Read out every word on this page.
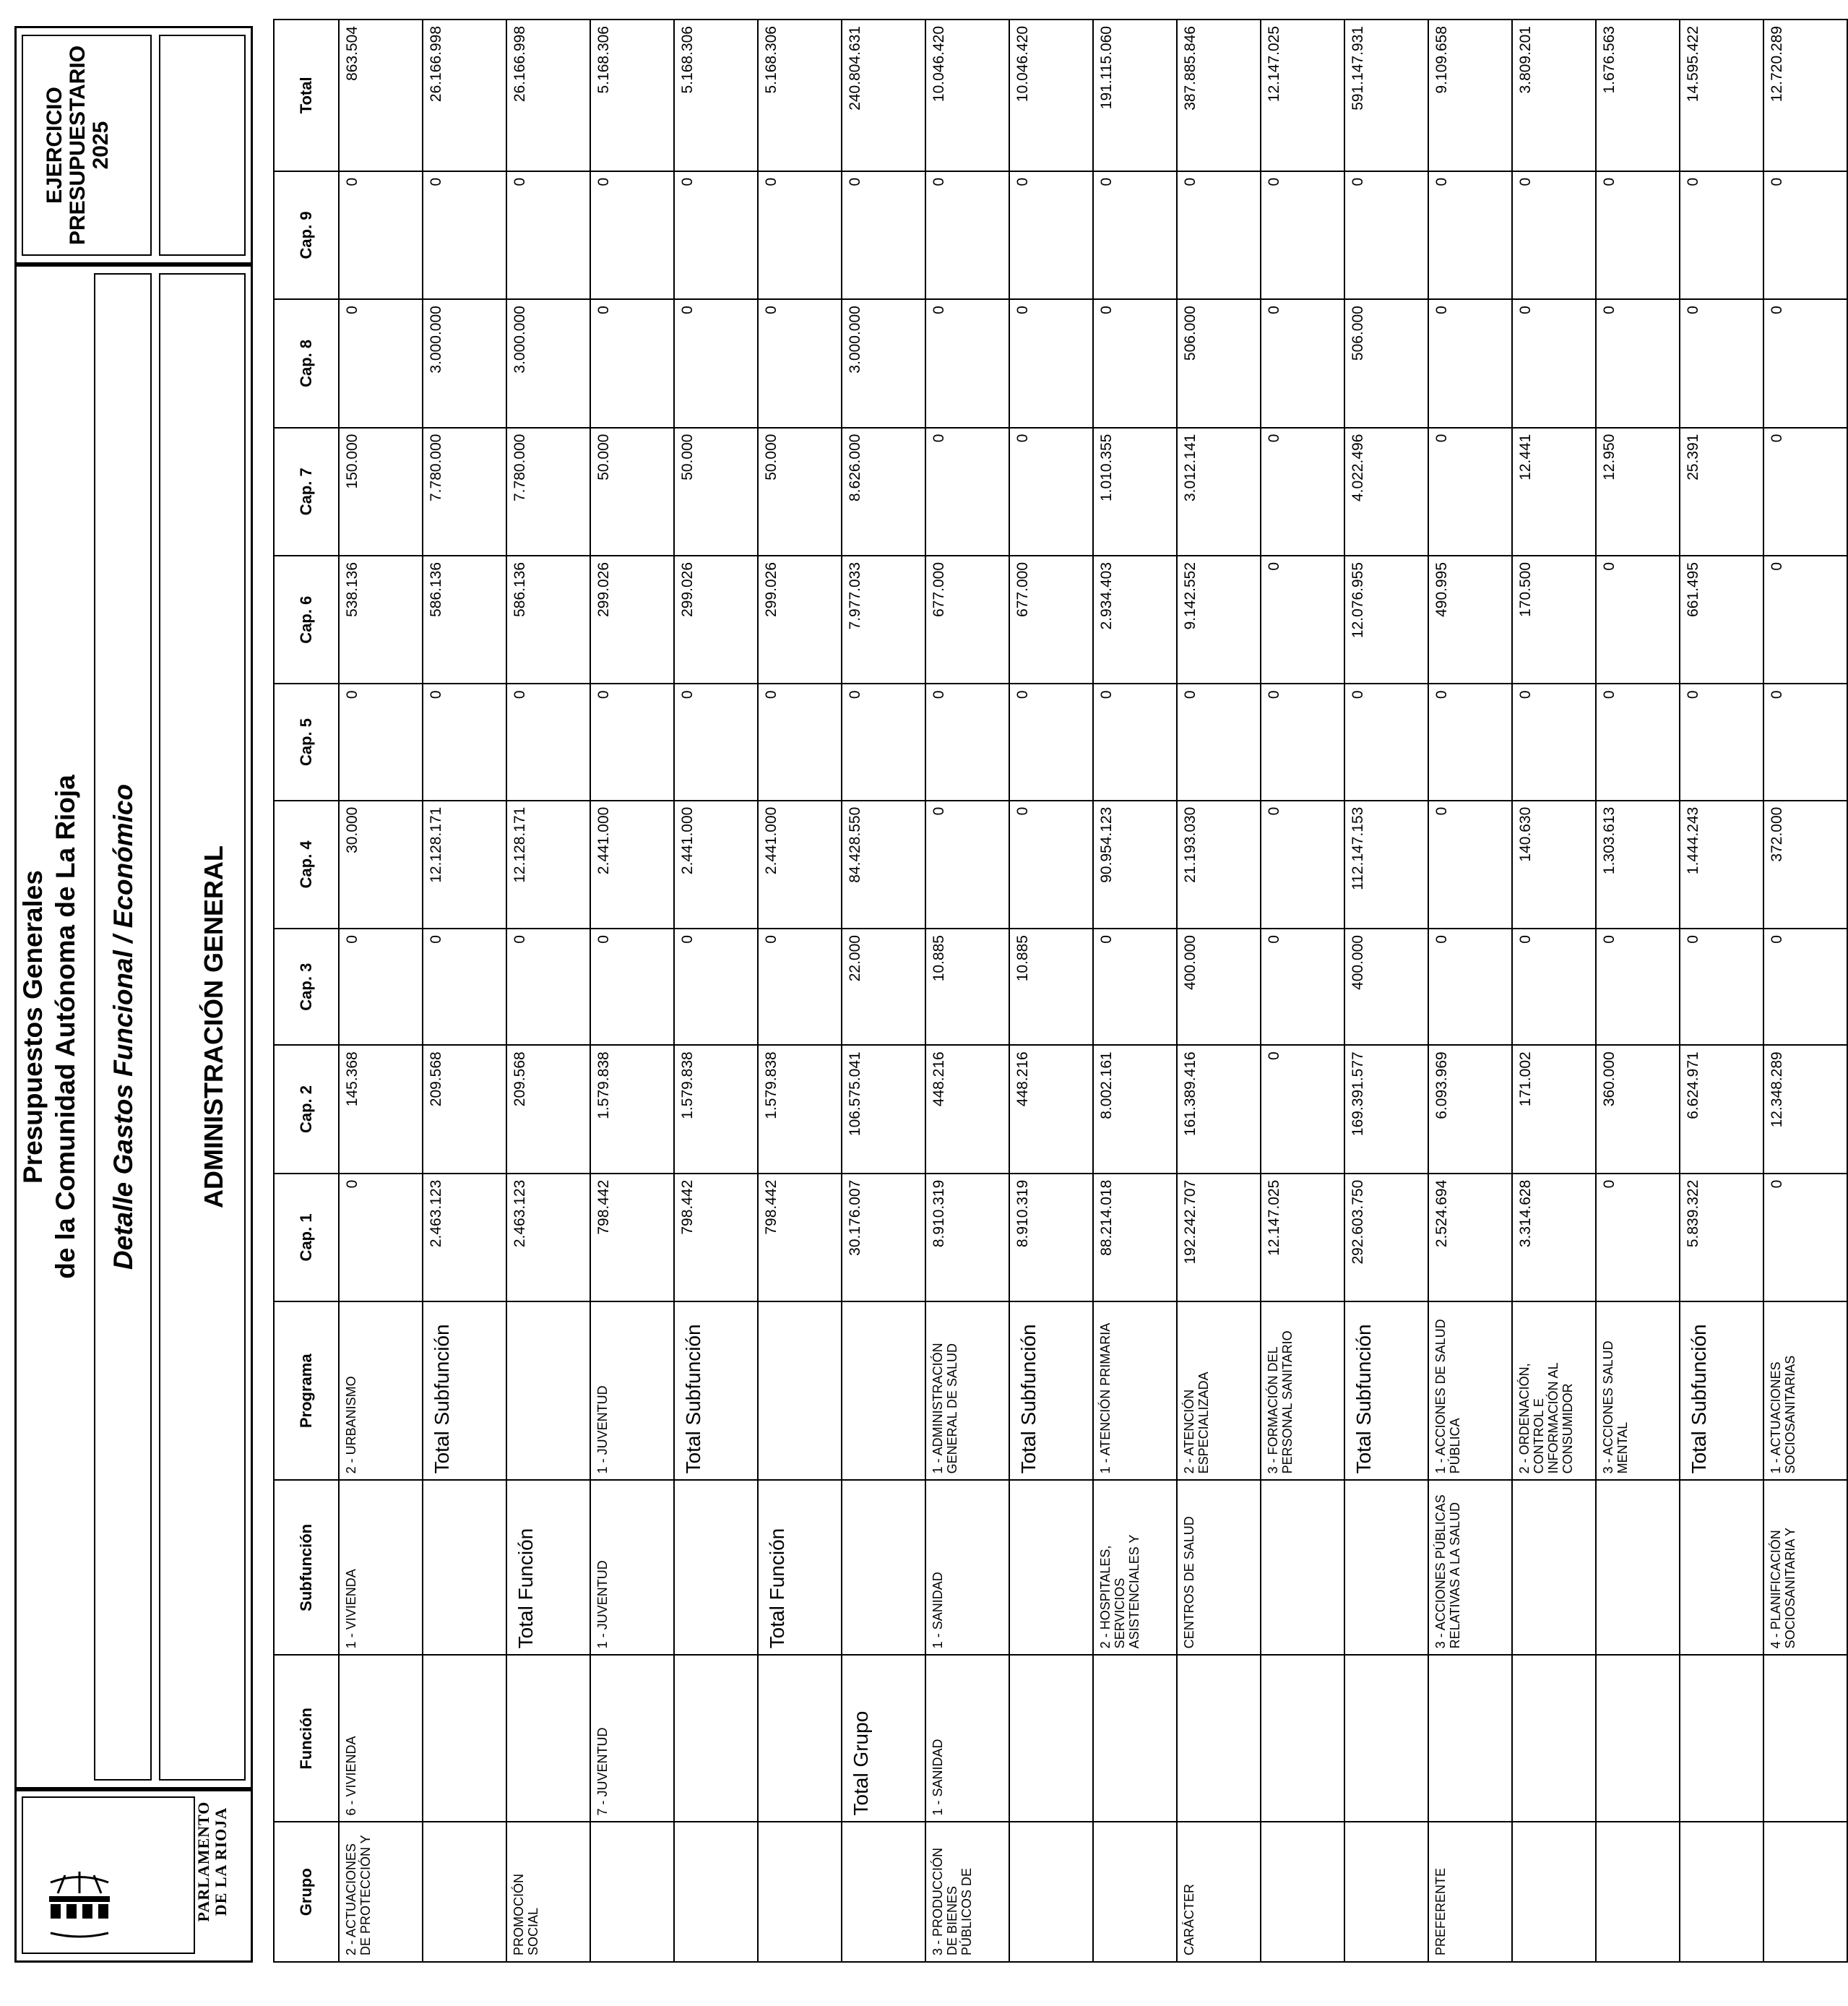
PARLAMENTO DE LA RIOJA
Presupuestos Generales de la Comunidad Autónoma de La Rioja Detalle Gastos Funcional / Económico ADMINISTRACIÓN GENERAL
EJERCICIO PRESUPUESTARIO 2025
Grupo	Función	Subfunción	Programa	Cap. 1	Cap. 2	Cap. 3	Cap. 4	Cap. 5	Cap. 6	Cap. 7	Cap. 8	Cap. 9	Total
2 - ACTUACIONES DE PROTECCIÓN Y	6 - VIVIENDA	1 - VIVIENDA	2 - URBANISMO	0	145.368	0	30.000	0	538.136	150.000	0	0	863.504
			Total Subfunción	2.463.123	209.568	0	12.128.171	0	586.136	7.780.000	3.000.000	0	26.166.998
PROMOCIÓN SOCIAL		Total Función		2.463.123	209.568	0	12.128.171	0	586.136	7.780.000	3.000.000	0	26.166.998
	7 - JUVENTUD	1 - JUVENTUD	1 - JUVENTUD	798.442	1.579.838	0	2.441.000	0	299.026	50.000	0	0	5.168.306
			Total Subfunción	798.442	1.579.838	0	2.441.000	0	299.026	50.000	0	0	5.168.306
		Total Función		798.442	1.579.838	0	2.441.000	0	299.026	50.000	0	0	5.168.306
	Total Grupo			30.176.007	106.575.041	22.000	84.428.550	0	7.977.033	8.626.000	3.000.000	0	240.804.631
3 - PRODUCCIÓN DE BIENES PÚBLICOS DE	1 - SANIDAD	1 - SANIDAD	1 - ADMINISTRACIÓN GENERAL DE SALUD	8.910.319	448.216	10.885	0	0	677.000	0	0	0	10.046.420
			Total Subfunción	8.910.319	448.216	10.885	0	0	677.000	0	0	0	10.046.420
		2 - HOSPITALES, SERVICIOS ASISTENCIALES Y	1 - ATENCIÓN PRIMARIA	88.214.018	8.002.161	0	90.954.123	0	2.934.403	1.010.355	0	0	191.115.060
CARÁCTER		CENTROS DE SALUD	2 - ATENCIÓN ESPECIALIZADA	192.242.707	161.389.416	400.000	21.193.030	0	9.142.552	3.012.141	506.000	0	387.885.846
			3 - FORMACIÓN DEL PERSONAL SANITARIO	12.147.025	0	0	0	0	0	0	0	0	12.147.025
			Total Subfunción	292.603.750	169.391.577	400.000	112.147.153	0	12.076.955	4.022.496	506.000	0	591.147.931
PREFERENTE		3 - ACCIONES PÚBLICAS RELATIVAS A LA SALUD	1 - ACCIONES DE SALUD PÚBLICA	2.524.694	6.093.969	0	0	0	490.995	0	0	0	9.109.658
			2 - ORDENACIÓN, CONTROL E INFORMACIÓN AL CONSUMIDOR	3.314.628	171.002	0	140.630	0	170.500	12.441	0	0	3.809.201
			3 - ACCIONES SALUD MENTAL	0	360.000	0	1.303.613	0	0	12.950	0	0	1.676.563
			Total Subfunción	5.839.322	6.624.971	0	1.444.243	0	661.495	25.391	0	0	14.595.422
		4 - PLANIFICACIÓN SOCIOSANITARIA Y	1 - ACTUACIONES SOCIOSANITARIAS	0	12.348.289	0	372.000	0	0	0	0	0	12.720.289
